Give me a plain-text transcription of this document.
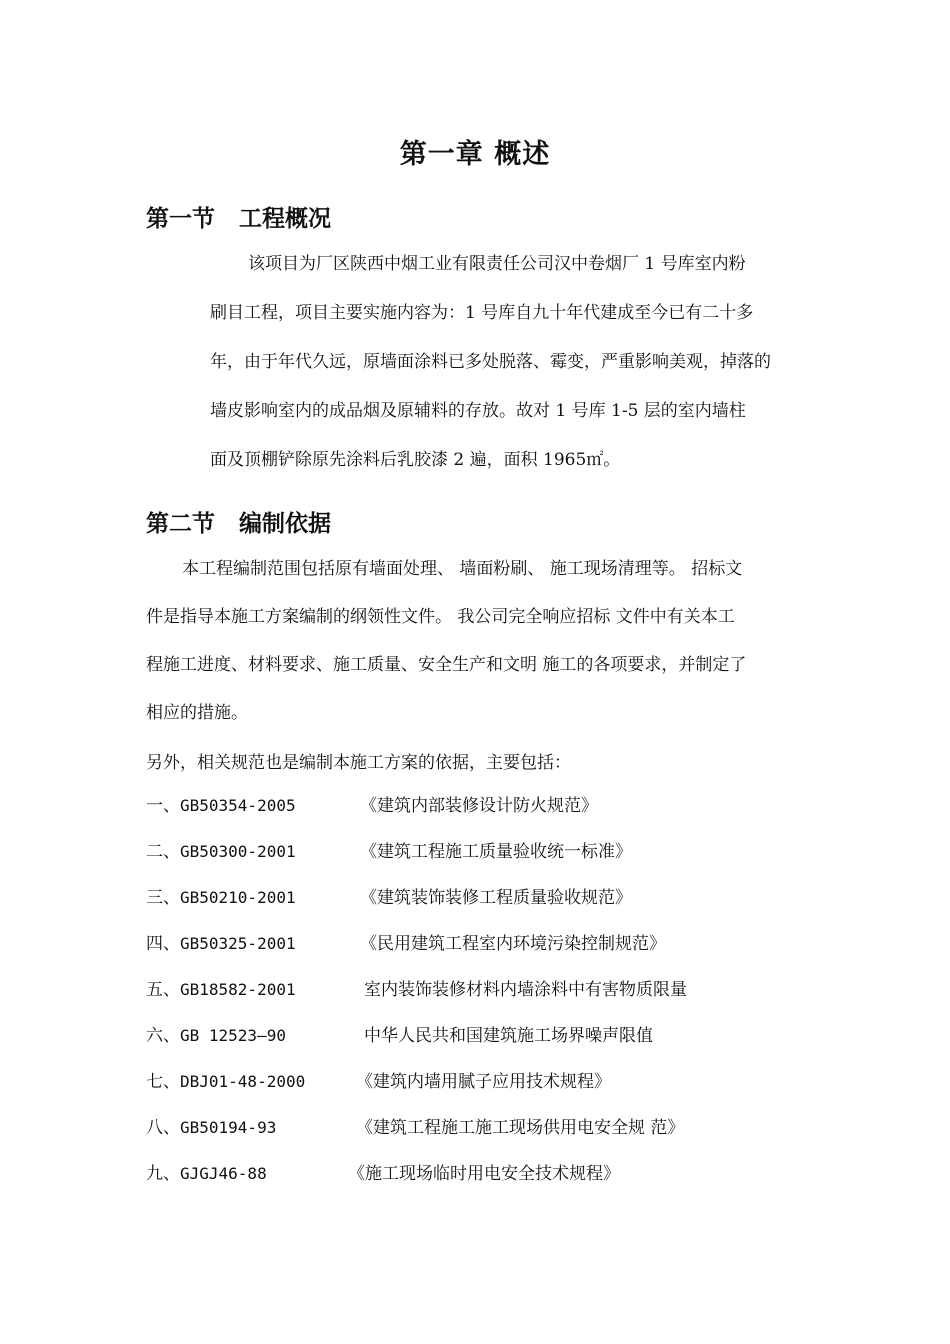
第一章 概述
第一节 工程概况

该项目为厂区陕西中烟工业有限责任公司汉中卷烟厂 1 号库室内粉

刷目工程，项目主要实施内容为：1 号库自九十年代建成至今已有二十多

年，由于年代久远，原墙面涂料已多处脱落、霉变，严重影响美观，掉落的

墙皮影响室内的成品烟及原辅料的存放。故对 1 号库 1-5 层的室内墙柱

面及顶棚铲除原先涂料后乳胶漆 2 遍，面积 1965㎡。

第二节 编制依据

本工程编制范围包括原有墙面处理、 墙面粉刷、 施工现场清理等。 招标文

件是指导本施工方案编制的纲领性文件。 我公司完全响应招标 文件中有关本工

程施工进度、材料要求、施工质量、安全生产和文明 施工的各项要求，并制定了

相应的措施。

另外，相关规范也是编制本施工方案的依据，主要包括：
一、GB50354-2005	《建筑内部装修设计防火规范》
二、GB50300-2001	《建筑工程施工质量验收统一标准》
三、GB50210-2001	《建筑装饰装修工程质量验收规范》
四、GB50325-2001	《民用建筑工程室内环境污染控制规范》
五、GB18582-2001	室内装饰装修材料内墙涂料中有害物质限量
六、GB 12523—90	中华人民共和国建筑施工场界噪声限值
七、DBJ01-48-2000	《建筑内墙用腻子应用技术规程》
八、GB50194-93	《建筑工程施工施工现场供用电安全规 范》
九、GJGJ46-88	《施工现场临时用电安全技术规程》
